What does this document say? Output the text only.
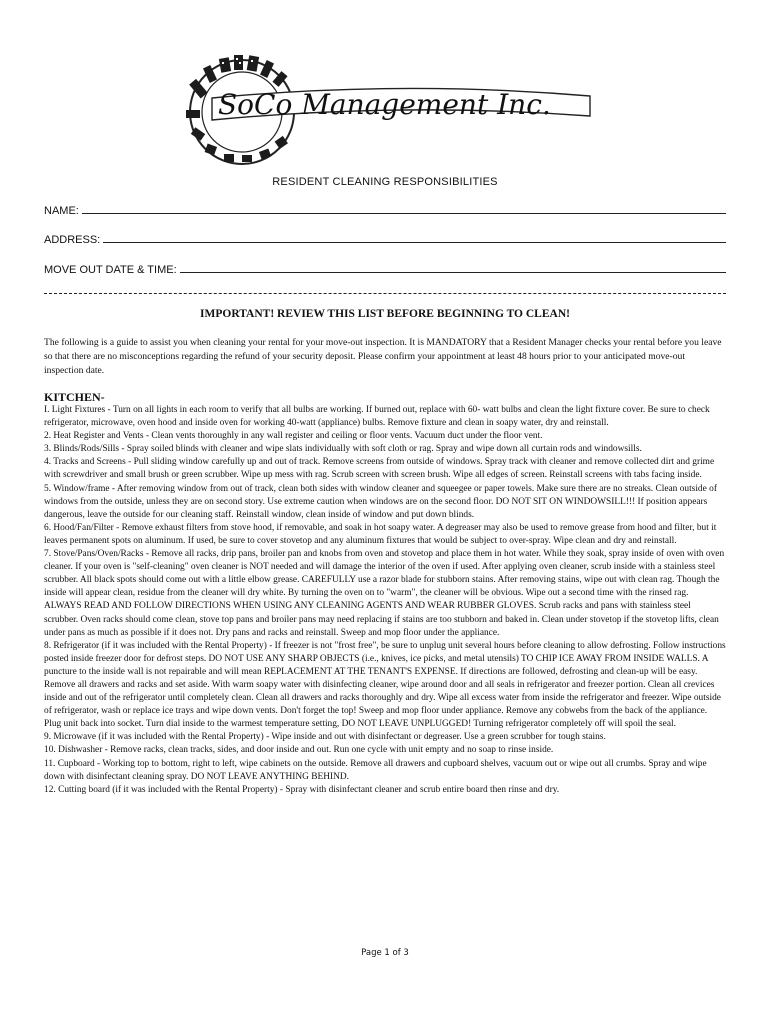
SoCo Management Inc.
RESIDENT CLEANING RESPONSIBILITIES
NAME:
ADDRESS:
MOVE OUT DATE & TIME:
IMPORTANT! REVIEW THIS LIST BEFORE BEGINNING TO CLEAN!

The following is a guide to assist you when cleaning your rental for your move-out inspection. It is MANDATORY that a Resident Manager checks your rental before you leave so that there are no misconceptions regarding the refund of your security deposit. Please confirm your appointment at least 48 hours prior to your anticipated move-out inspection date.

KITCHEN-

I. Light Fixtures - Turn on all lights in each room to verify that all bulbs are working. If burned out, replace with 60- watt bulbs and clean the light fixture cover. Be sure to check refrigerator, microwave, oven hood and inside oven for working 40-watt (appliance) bulbs. Remove fixture and clean in soapy water, dry and reinstall.

2. Heat Register and Vents - Clean vents thoroughly in any wall register and ceiling or floor vents. Vacuum duct under the floor vent.

3. Blinds/Rods/Sills - Spray soiled blinds with cleaner and wipe slats individually with soft cloth or rag. Spray and wipe down all curtain rods and windowsills.

4. Tracks and Screens - Pull sliding window carefully up and out of track. Remove screens from outside of windows. Spray track with cleaner and remove collected dirt and grime with screwdriver and small brush or green scrubber. Wipe up mess with rag. Scrub screen with screen brush. Wipe all edges of screen. Reinstall screens with tabs facing inside.

5. Window/frame - After removing window from out of track, clean both sides with window cleaner and squeegee or paper towels. Make sure there are no streaks. Clean outside of windows from the outside, unless they are on second story. Use extreme caution when windows are on the second floor. DO NOT SIT ON WINDOWSILL!!! If position appears dangerous, leave the outside for our cleaning staff. Reinstall window, clean inside of window and put down blinds.

6. Hood/Fan/Filter - Remove exhaust filters from stove hood, if removable, and soak in hot soapy water. A degreaser may also be used to remove grease from hood and filter, but it leaves permanent spots on aluminum. If used, be sure to cover stovetop and any aluminum fixtures that would be subject to over-spray. Wipe clean and dry and reinstall.

7. Stove/Pans/Oven/Racks - Remove all racks, drip pans, broiler pan and knobs from oven and stovetop and place them in hot water. While they soak, spray inside of oven with oven cleaner. If your oven is "self-cleaning" oven cleaner is NOT needed and will damage the interior of the oven if used. After applying oven cleaner, scrub inside with a stainless steel scrubber. All black spots should come out with a little elbow grease. CAREFULLY use a razor blade for stubborn stains. After removing stains, wipe out with clean rag. Though the inside will appear clean, residue from the cleaner will dry white. By turning the oven on to "warm", the cleaner will be obvious. Wipe out a second time with the rinsed rag. ALWAYS READ AND FOLLOW DIRECTIONS WHEN USING ANY CLEANING AGENTS AND WEAR RUBBER GLOVES. Scrub racks and pans with stainless steel scrubber. Oven racks should come clean, stove top pans and broiler pans may need replacing if stains are too stubborn and baked in. Clean under stovetop if the stovetop lifts, clean under pans as much as possible if it does not. Dry pans and racks and reinstall. Sweep and mop floor under the appliance.

8. Refrigerator (if it was included with the Rental Property) - If freezer is not "frost free", be sure to unplug unit several hours before cleaning to allow defrosting. Follow instructions posted inside freezer door for defrost steps. DO NOT USE ANY SHARP OBJECTS (i.e., knives, ice picks, and metal utensils) TO CHIP ICE AWAY FROM INSIDE WALLS. A puncture to the inside wall is not repairable and will mean REPLACEMENT AT THE TENANT'S EXPENSE. If directions are followed, defrosting and clean-up will be easy. Remove all drawers and racks and set aside. With warm soapy water with disinfecting cleaner, wipe around door and all seals in refrigerator and freezer portion. Clean all crevices inside and out of the refrigerator until completely clean. Clean all drawers and racks thoroughly and dry. Wipe all excess water from inside the refrigerator and freezer. Wipe outside of refrigerator, wash or replace ice trays and wipe down vents. Don't forget the top! Sweep and mop floor under appliance. Remove any cobwebs from the back of the appliance. Plug unit back into socket. Turn dial inside to the warmest temperature setting, DO NOT LEAVE UNPLUGGED! Turning refrigerator completely off will spoil the seal.

9. Microwave (if it was included with the Rental Property) - Wipe inside and out with disinfectant or degreaser. Use a green scrubber for tough stains.

10. Dishwasher - Remove racks, clean tracks, sides, and door inside and out. Run one cycle with unit empty and no soap to rinse inside.

11. Cupboard - Working top to bottom, right to left, wipe cabinets on the outside. Remove all drawers and cupboard shelves, vacuum out or wipe out all crumbs. Spray and wipe down with disinfectant cleaning spray. DO NOT LEAVE ANYTHING BEHIND.

12. Cutting board (if it was included with the Rental Property) - Spray with disinfectant cleaner and scrub entire board then rinse and dry.

Page 1 of 3
